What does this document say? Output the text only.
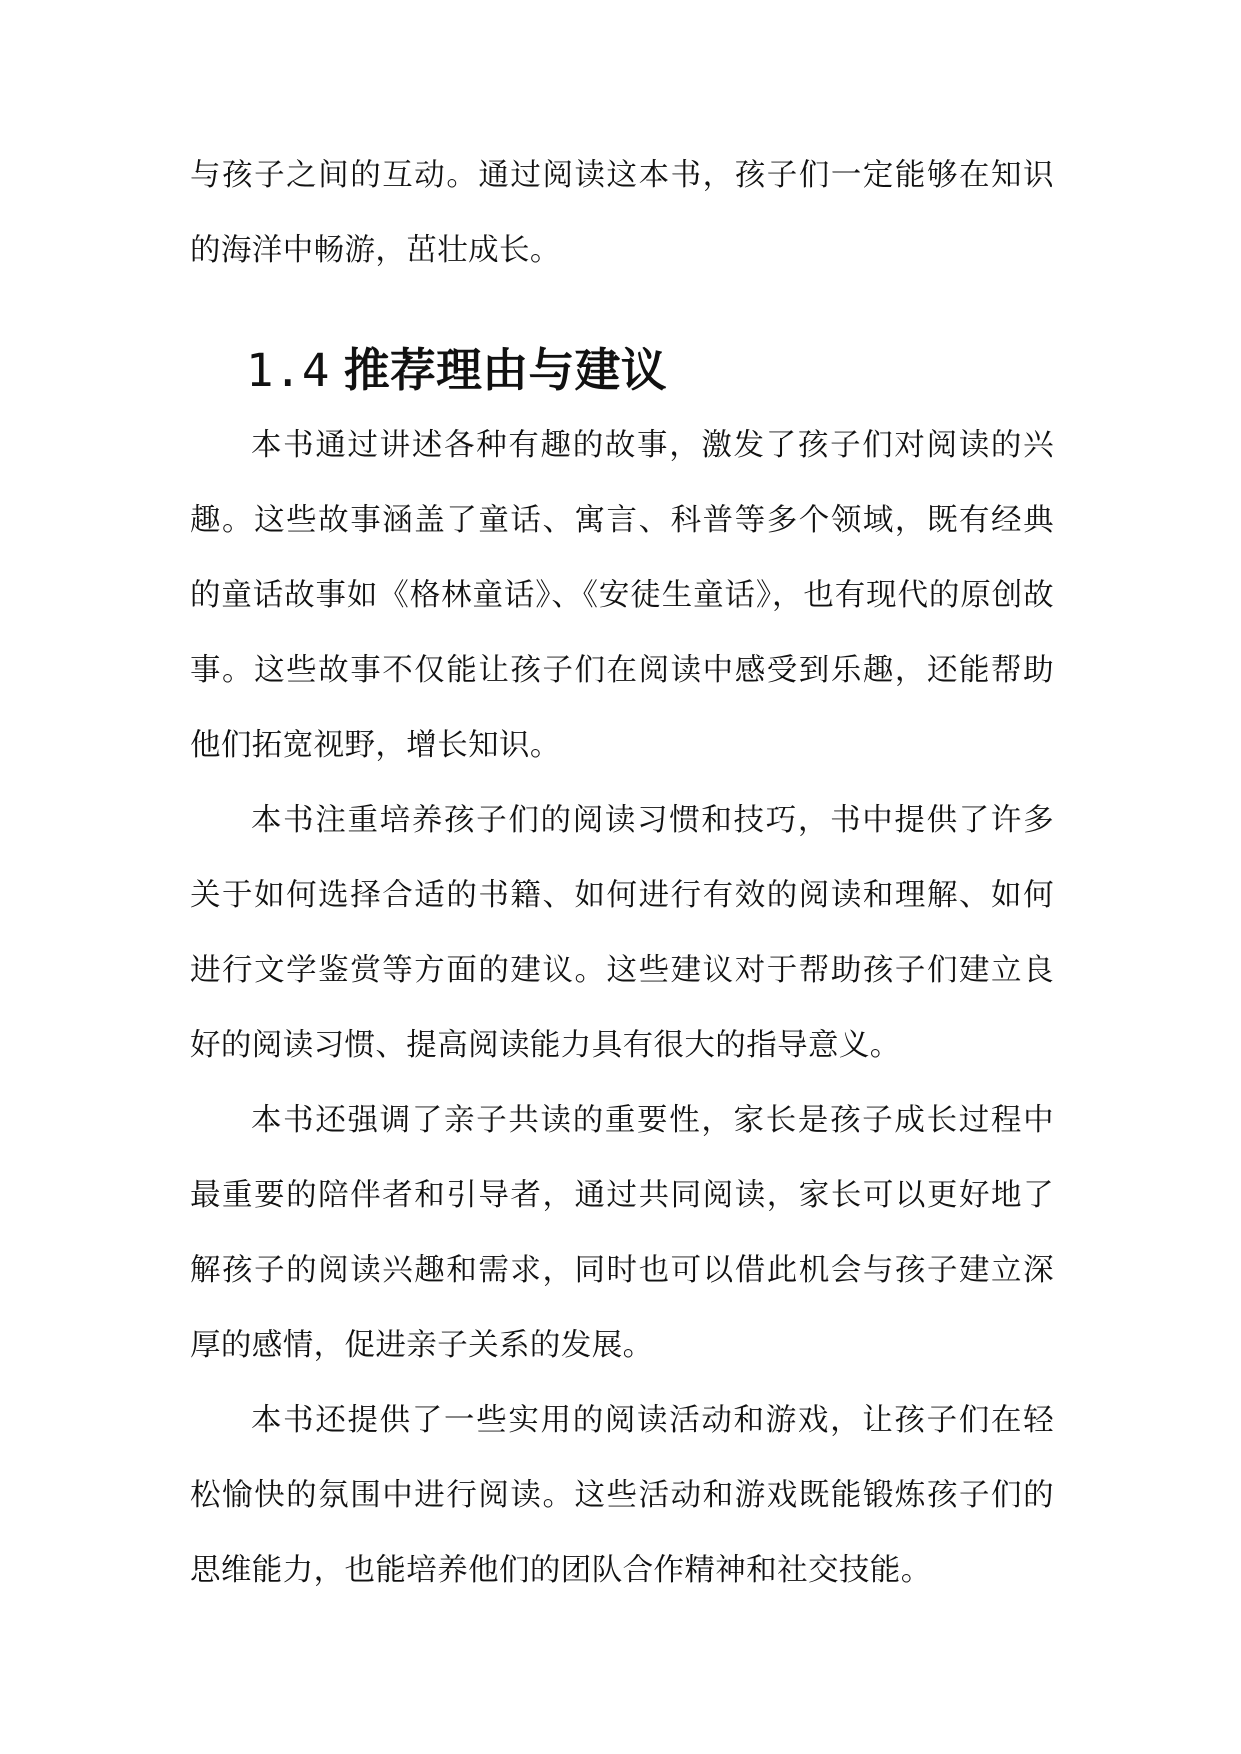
与孩子之间的互动。通过阅读这本书，孩子们一定能够在知识的海洋中畅游，茁壮成长。

1.4 推荐理由与建议

本书通过讲述各种有趣的故事，激发了孩子们对阅读的兴趣。这些故事涵盖了童话、寓言、科普等多个领域，既有经典的童话故事如《格林童话》、《安徒生童话》，也有现代的原创故事。这些故事不仅能让孩子们在阅读中感受到乐趣，还能帮助他们拓宽视野，增长知识。

本书注重培养孩子们的阅读习惯和技巧，书中提供了许多关于如何选择合适的书籍、如何进行有效的阅读和理解、如何进行文学鉴赏等方面的建议。这些建议对于帮助孩子们建立良好的阅读习惯、提高阅读能力具有很大的指导意义。

本书还强调了亲子共读的重要性，家长是孩子成长过程中最重要的陪伴者和引导者，通过共同阅读，家长可以更好地了解孩子的阅读兴趣和需求，同时也可以借此机会与孩子建立深厚的感情，促进亲子关系的发展。

本书还提供了一些实用的阅读活动和游戏，让孩子们在轻松愉快的氛围中进行阅读。这些活动和游戏既能锻炼孩子们的思维能力，也能培养他们的团队合作精神和社交技能。
